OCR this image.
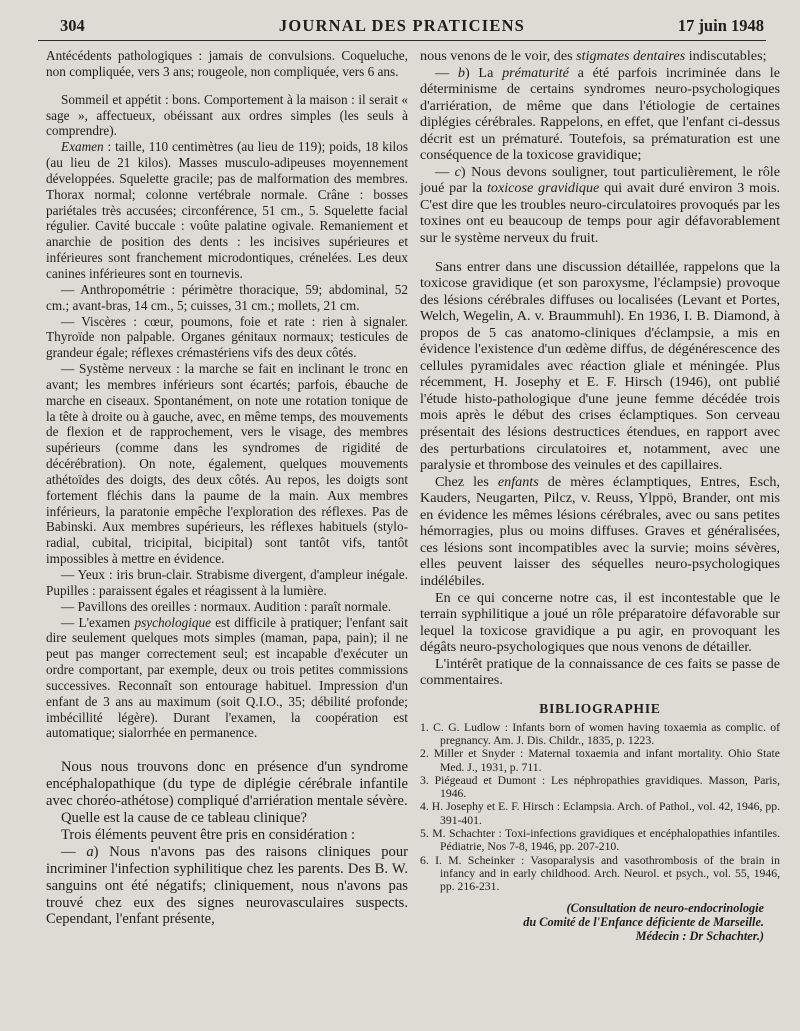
304	JOURNAL DES PRATICIENS	17 juin 1948

Antécédents pathologiques : jamais de convulsions. Coqueluche, non compliquée, vers 3 ans; rougeole, non compliquée, vers 6 ans.

Sommeil et appétit : bons. Comportement à la maison : il serait « sage », affectueux, obéissant aux ordres simples (les seuls à comprendre).

Examen : taille, 110 centimètres (au lieu de 119); poids, 18 kilos (au lieu de 21 kilos). Masses musculo-adipeuses moyennement développées. Squelette gracile; pas de malformation des membres. Thorax normal; colonne vertébrale normale. Crâne : bosses pariétales très accusées; circonférence, 51 cm., 5. Squelette facial régulier. Cavité buccale : voûte palatine ogivale. Remaniement et anarchie de position des dents : les incisives supérieures et inférieures sont franchement microdontiques, crénelées. Les deux canines inférieures sont en tournevis.

— Anthropométrie : périmètre thoracique, 59; abdominal, 52 cm.; avant-bras, 14 cm., 5; cuisses, 31 cm.; mollets, 21 cm.

— Viscères : cœur, poumons, foie et rate : rien à signaler. Thyroïde non palpable. Organes génitaux normaux; testicules de grandeur égale; réflexes crémastériens vifs des deux côtés.

— Système nerveux : la marche se fait en inclinant le tronc en avant; les membres inférieurs sont écartés; parfois, ébauche de marche en ciseaux. Spontanément, on note une rotation tonique de la tête à droite ou à gauche, avec, en même temps, des mouvements de flexion et de rapprochement, vers le visage, des membres supérieurs (comme dans les syndromes de rigidité de décérébration). On note, également, quelques mouvements athétoïdes des doigts, des deux côtés. Au repos, les doigts sont fortement fléchis dans la paume de la main. Aux membres inférieurs, la paratonie empêche l'exploration des réflexes. Pas de Babinski. Aux membres supérieurs, les réflexes habituels (stylo-radial, cubital, tricipital, bicipital) sont tantôt vifs, tantôt impossibles à mettre en évidence.

— Yeux : iris brun-clair. Strabisme divergent, d'ampleur inégale. Pupilles : paraissent égales et réagissent à la lumière.

— Pavillons des oreilles : normaux. Audition : paraît normale.

— L'examen psychologique est difficile à pratiquer; l'enfant sait dire seulement quelques mots simples (maman, papa, pain); il ne peut pas manger correctement seul; est incapable d'exécuter un ordre comportant, par exemple, deux ou trois petites commissions successives. Reconnaît son entourage habituel. Impression d'un enfant de 3 ans au maximum (soit Q.I.O., 35; débilité profonde; imbécillité légère). Durant l'examen, la coopération est automatique; sialorrhée en permanence.

Nous nous trouvons donc en présence d'un syndrome encéphalopathique (du type de diplégie cérébrale infantile avec choréo-athétose) compliqué d'arriération mentale sévère.

Quelle est la cause de ce tableau clinique?

Trois éléments peuvent être pris en considération :

— a) Nous n'avons pas des raisons cliniques pour incriminer l'infection syphilitique chez les parents. Des B. W. sanguins ont été négatifs; cliniquement, nous n'avons pas trouvé chez eux des signes neurovasculaires suspects. Cependant, l'enfant présente,

nous venons de le voir, des stigmates dentaires indiscutables;

— b) La prématurité a été parfois incriminée dans le déterminisme de certains syndromes neuro-psychologiques d'arriération, de même que dans l'étiologie de certaines diplégies cérébrales. Rappelons, en effet, que l'enfant ci-dessus décrit est un prématuré. Toutefois, sa prématuration est une conséquence de la toxicose gravidique;

— c) Nous devons souligner, tout particulièrement, le rôle joué par la toxicose gravidique qui avait duré environ 3 mois. C'est dire que les troubles neuro-circulatoires provoqués par les toxines ont eu beaucoup de temps pour agir défavorablement sur le système nerveux du fruit.

Sans entrer dans une discussion détaillée, rappelons que la toxicose gravidique (et son paroxysme, l'éclampsie) provoque des lésions cérébrales diffuses ou localisées (Levant et Portes, Welch, Wegelin, A. v. Braummuhl). En 1936, I. B. Diamond, à propos de 5 cas anatomo-cliniques d'éclampsie, a mis en évidence l'existence d'un œdème diffus, de dégénérescence des cellules pyramidales avec réaction gliale et méningée. Plus récemment, H. Josephy et E. F. Hirsch (1946), ont publié l'étude histo-pathologique d'une jeune femme décédée trois mois après le début des crises éclamptiques. Son cerveau présentait des lésions destructices étendues, en rapport avec des perturbations circulatoires et, notamment, avec une paralysie et thrombose des veinules et des capillaires.

Chez les enfants de mères éclamptiques, Entres, Esch, Kauders, Neugarten, Pilcz, v. Reuss, Ylppö, Brander, ont mis en évidence les mêmes lésions cérébrales, avec ou sans petites hémorragies, plus ou moins diffuses. Graves et généralisées, ces lésions sont incompatibles avec la survie; moins sévères, elles peuvent laisser des séquelles neuro-psychologiques indélébiles.

En ce qui concerne notre cas, il est incontestable que le terrain syphilitique a joué un rôle préparatoire défavorable sur lequel la toxicose gravidique a pu agir, en provoquant les dégâts neuro-psychologiques que nous venons de détailler.

L'intérêt pratique de la connaissance de ces faits se passe de commentaires.

BIBLIOGRAPHIE
1. C. G. Ludlow : Infants born of women having toxaemia as complic. of pregnancy. Am. J. Dis. Childr., 1835, p. 1223.
2. Miller et Snyder : Maternal toxaemia and infant mortality. Ohio State Med. J., 1931, p. 711.
3. Piégeaud et Dumont : Les néphropathies gravidiques. Masson, Paris, 1946.
4. H. Josephy et E. F. Hirsch : Eclampsia. Arch. of Pathol., vol. 42, 1946, pp. 391-401.
5. M. Schachter : Toxi-infections gravidiques et encéphalopathies infantiles. Pédiatrie, Nos 7-8, 1946, pp. 207-210.
6. I. M. Scheinker : Vasoparalysis and vasothrombosis of the brain in infancy and in early childhood. Arch. Neurol. et psych., vol. 55, 1946, pp. 216-231.
(Consultation de neuro-endocrinologie
du Comité de l'Enfance déficiente de Marseille.
Médecin : Dr Schachter.)
